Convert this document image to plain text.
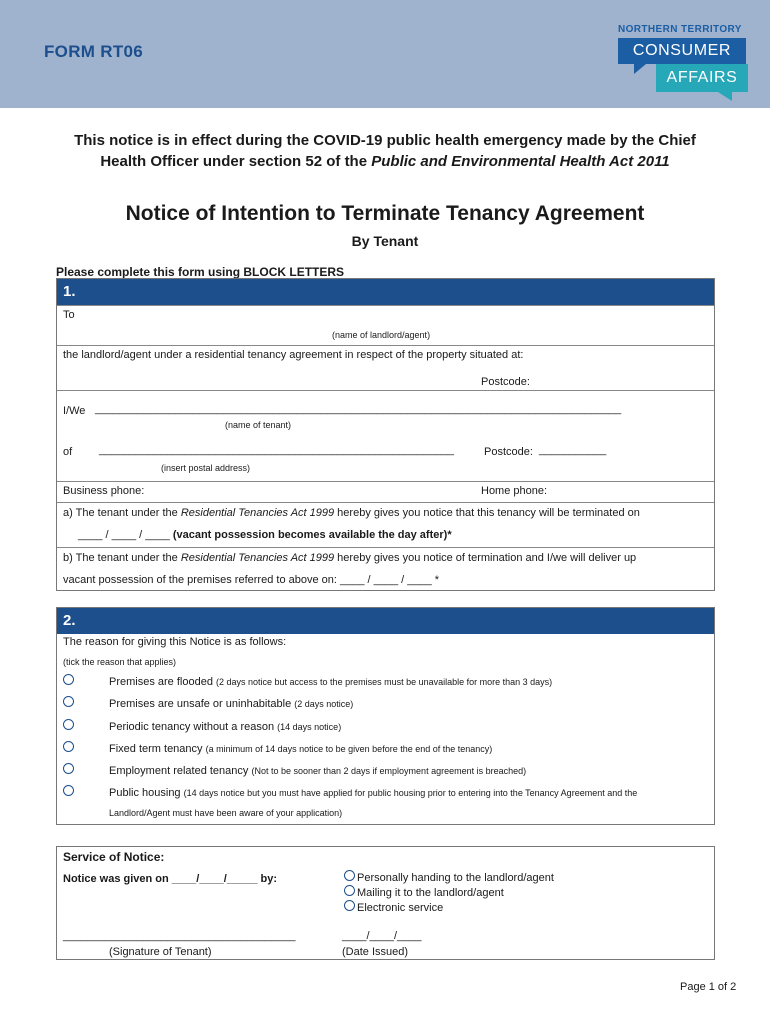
FORM RT06
NORTHERN TERRITORY
CONSUMER
AFFAIRS
This notice is in effect during the COVID-19 public health emergency made by the Chief
Health Officer under section 52 of the Public and Environmental Health Act 2011
Notice of Intention to Terminate Tenancy Agreement
By Tenant
Please complete this form using BLOCK LETTERS
1.
To
(name of landlord/agent)
the landlord/agent under a residential tenancy agreement in respect of the property situated at:
Postcode:
I/We ______________________________________________________________________________________
(name of tenant)
of __________________________________________________________	Postcode: ___________
(insert postal address)
Business phone:	Home phone:
a) The tenant under the Residential Tenancies Act 1999 hereby gives you notice that this tenancy will be terminated on
____ / ____ / ____ (vacant possession becomes available the day after)*
b) The tenant under the Residential Tenancies Act 1999 hereby gives you notice of termination and I/we will deliver up
vacant possession of the premises referred to above on: ____ / ____ / ____ *
2.
The reason for giving this Notice is as follows:
(tick the reason that applies)
Premises are flooded (2 days notice but access to the premises must be unavailable for more than 3 days)
Premises are unsafe or uninhabitable (2 days notice)
Periodic tenancy without a reason (14 days notice)
Fixed term tenancy (a minimum of 14 days notice to be given before the end of the tenancy)
Employment related tenancy (Not to be sooner than 2 days if employment agreement is breached)
Public housing (14 days notice but you must have applied for public housing prior to entering into the Tenancy Agreement and the
Landlord/Agent must have been aware of your application)
Service of Notice:
Notice was given on ____/____/_____ by:	Personally handing to the landlord/agent
Mailing it to the landlord/agent
Electronic service
______________________________________
(Signature of Tenant)
____/____/____
(Date Issued)
Page 1 of 2
